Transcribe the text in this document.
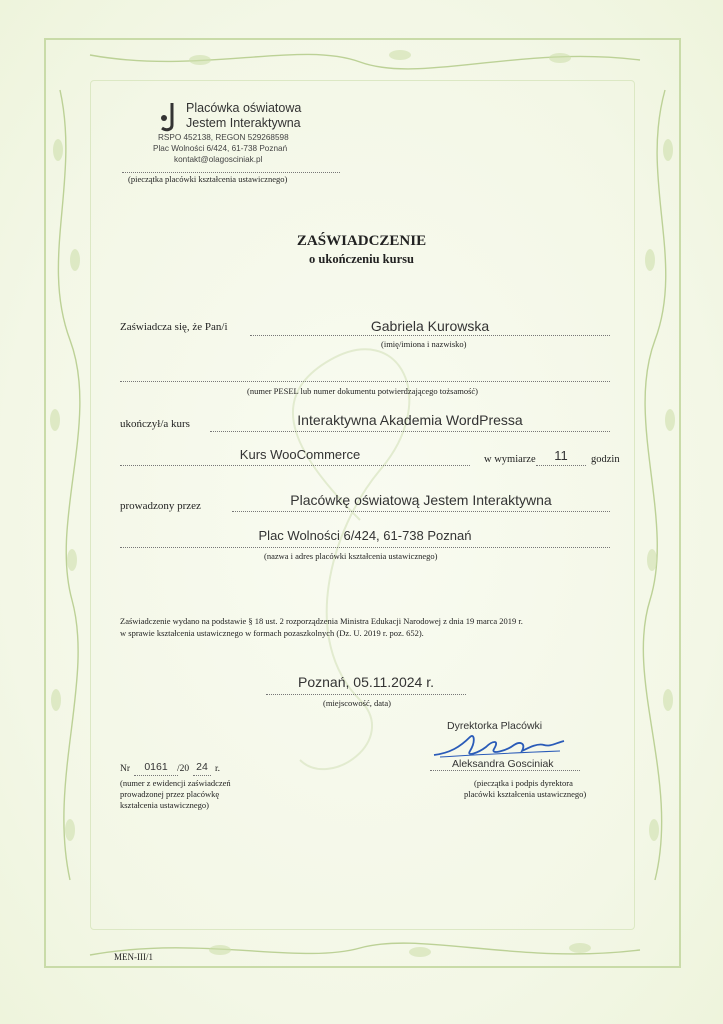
Placówka oświatowa
Jestem Interaktywna
RSPO 452138, REGON 529268598
Plac Wolności 6/424, 61-738 Poznań
kontakt@olagosciniak.pl
(pieczątka placówki kształcenia ustawicznego)
ZAŚWIADCZENIE
o ukończeniu kursu
Zaświadcza się, że Pan/i	Gabriela Kurowska
(imię/imiona i nazwisko)
(numer PESEL lub numer dokumentu potwierdzającego tożsamość)
ukończył/a kurs	Interaktywna Akademia WordPressa
Kurs WooCommerce	w wymiarze	11	godzin
prowadzony przez	Placówkę oświatową Jestem Interaktywna
Plac Wolności 6/424, 61-738 Poznań
(nazwa i adres placówki kształcenia ustawicznego)
Zaświadczenie wydano na podstawie § 18 ust. 2 rozporządzenia Ministra Edukacji Narodowej z dnia 19 marca 2019 r.
w sprawie kształcenia ustawicznego w formach pozaszkolnych (Dz. U. 2019 r. poz. 652).
Poznań, 05.11.2024 r.
(miejscowość, data)
Dyrektorka Placówki
Aleksandra Gosciniak
(pieczątka i podpis dyrektora
placówki kształcenia ustawicznego)
Nr	0161 /20 24 r.
(numer z ewidencji zaświadczeń
prowadzonej przez placówkę
kształcenia ustawicznego)
MEN-III/1
